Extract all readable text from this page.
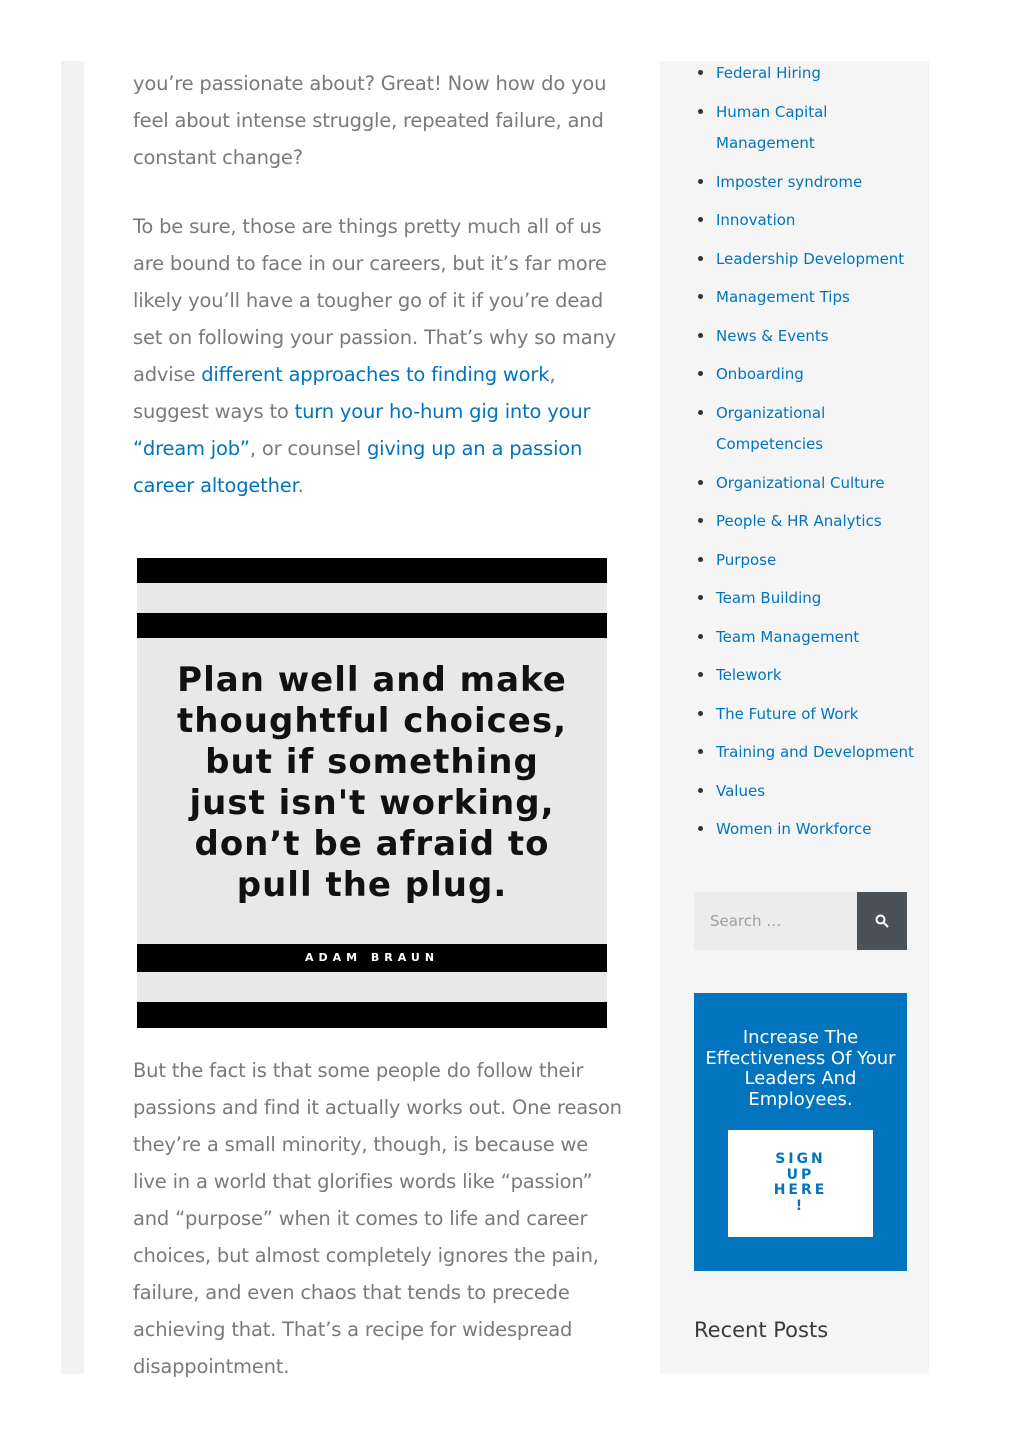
you’re passionate about? Great! Now how do you feel about intense struggle, repeated failure, and constant change?

To be sure, those are things pretty much all of us are bound to face in our careers, but it’s far more likely you’ll have a tougher go of it if you’re dead set on following your passion. That’s why so many advise different approaches to finding work, suggest ways to turn your ho-hum gig into your “dream job”, or counsel giving up an a passion career altogether.

But the fact is that some people do follow their passions and find it actually works out. One reason they’re a small minority, though, is because we live in a world that glorifies words like “passion” and “purpose” when it comes to life and career choices, but almost completely ignores the pain, failure, and even chaos that tends to precede achieving that. That’s a recipe for widespread disappointment.

Plan well and make
thoughtful choices,
but if something
just isn't working,
don’t be afraid to
pull the plug.
ADAM BRAUN
Federal Hiring
Human Capital Management
Imposter syndrome
Innovation
Leadership Development
Management Tips
News & Events
Onboarding
Organizational Competencies
Organizational Culture
People & HR Analytics
Purpose
Team Building
Team Management
Telework
The Future of Work
Training and Development
Values
Women in Workforce
Search …
Increase The Effectiveness Of Your Leaders And Employees.
SIGN UP HERE !
Recent Posts
